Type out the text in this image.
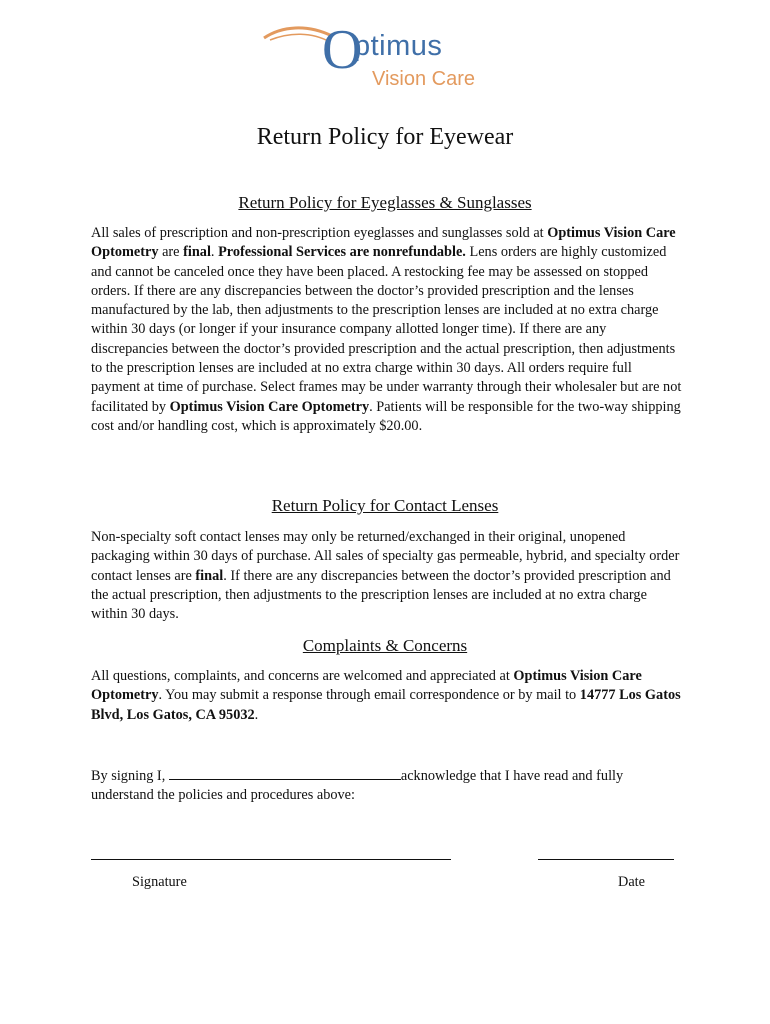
O
ptimus
Vision Care
Return Policy for Eyewear
Return Policy for Eyeglasses & Sunglasses

All sales of prescription and non-prescription eyeglasses and sunglasses sold at Optimus Vision Care Optometry are final. Professional Services are nonrefundable. Lens orders are highly customized and cannot be canceled once they have been placed. A restocking fee may be assessed on stopped orders. If there are any discrepancies between the doctor’s provided prescription and the lenses manufactured by the lab, then adjustments to the prescription lenses are included at no extra charge within 30 days (or longer if your insurance company allotted longer time). If there are any discrepancies between the doctor’s provided prescription and the actual prescription, then adjustments to the prescription lenses are included at no extra charge within 30 days. All orders require full payment at time of purchase. Select frames may be under warranty through their wholesaler but are not facilitated by Optimus Vision Care Optometry. Patients will be responsible for the two-way shipping cost and/or handling cost, which is approximately $20.00.

Return Policy for Contact Lenses

Non-specialty soft contact lenses may only be returned/exchanged in their original, unopened packaging within 30 days of purchase. All sales of specialty gas permeable, hybrid, and specialty order contact lenses are final. If there are any discrepancies between the doctor’s provided prescription and the actual prescription, then adjustments to the prescription lenses are included at no extra charge within 30 days.

Complaints & Concerns

All questions, complaints, and concerns are welcomed and appreciated at Optimus Vision Care Optometry. You may submit a response through email correspondence or by mail to 14777 Los Gatos Blvd, Los Gatos, CA 95032.

By signing I,	acknowledge that I have read and fully understand the policies and procedures above:

Signature	Date
